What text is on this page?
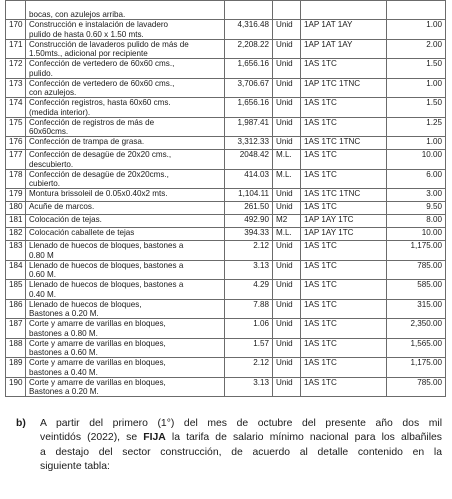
	bocas, con azulejos arriba.				

170	Construcción e instalación de lavadero
pulido de hasta 0.60 x 1.50 mts.	4,316.48	Unid	1AP 1AT 1AY	1.00
171	Construcción de lavaderos pulido de más de
1.50mts., adicional por recipiente	2,208.22	Unid	1AP 1AT 1AY	2.00
172	Confección de vertedero de 60x60 cms.,
pulido.	1,656.16	Unid	1AS 1TC	1.50
173	Confección de vertedero de 60x60 cms.,
con azulejos.	3,706.67	Unid	1AP 1TC 1TNC	1.00
174	Confección registros, hasta 60x60 cms.
(medida interior).	1,656.16	Unid	1AS 1TC	1.50
175	Confección de registros de más de
60x60cms.	1,987.41	Unid	1AS 1TC	1.25
176	Confección de trampa de grasa.	3,312.33	Unid	1AS 1TC 1TNC	1.00
177	Confección de desagüe de 20x20 cms.,
descubierto.	2048.42	M.L.	1AS 1TC	10.00
178	Confección de desagüe de 20x20cms.,
cubierto.	414.03	M.L.	1AS 1TC	6.00
179	Montura brissoleil de 0.05x0.40x2 mts.	1,104.11	Unid	1AS 1TC 1TNC	3.00
180	Acuñe de marcos.	261.50	Unid	1AS 1TC	9.50
181	Colocación de tejas.	492.90	M2	1AP 1AY 1TC	8.00
182	Colocación caballete de tejas	394.33	M.L.	1AP 1AY 1TC	10.00
183	Llenado de huecos de bloques, bastones a
0.80 M	2.12	Unid	1AS 1TC	1,175.00
184	Llenado de huecos de bloques, bastones a
0.60 M.	3.13	Unid	1AS 1TC	785.00
185	Llenado de huecos de bloques, bastones a
0.40 M.	4.29	Unid	1AS 1TC	585.00
186	Llenado de huecos de bloques,
Bastones a 0.20 M.	7.88	Unid	1AS 1TC	315.00
187	Corte y amarre de varillas en bloques,
bastones a 0.80 M.	1.06	Unid	1AS 1TC	2,350.00
188	Corte y amarre de varillas en bloques,
bastones a 0.60 M.	1.57	Unid	1AS 1TC	1,565.00
189	Corte y amarre de varillas en bloques,
bastones a 0.40 M.	2.12	Unid	1AS 1TC	1,175.00
190	Corte y amarre de varillas en bloques,
Bastones a 0.20 M.	3.13	Unid	1AS 1TC	785.00
b)	A partir del primero (1°) del mes de octubre del presente año dos mil
veintidós (2022), se FIJA la tarifa de salario mínimo nacional para los albañiles
a destajo del sector construcción, de acuerdo al detalle contenido en la
siguiente tabla:
